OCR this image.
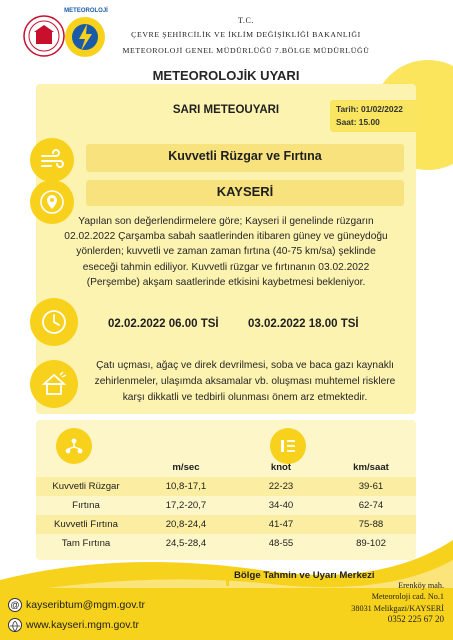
METEOROLOJİ
T.C.
ÇEVRE ŞEHİRCİLİK VE İKLİM DEĞİŞİKLİĞİ BAKANLIĞI
METEOROLOJİ GENEL MÜDÜRLÜĞÜ 7.BÖLGE MÜDÜRLÜĞÜ
METEOROLOJİK UYARI
SARI METEOUYARI	Tarih: 01/02/2022
Saat: 15.00
Kuvvetli Rüzgar ve Fırtına
KAYSERİ
Yapılan son değerlendirmelere göre; Kayseri il genelinde rüzgarın
02.02.2022 Çarşamba sabah saatlerinden itibaren güney ve güneydoğu
yönlerden; kuvvetli ve zaman zaman fırtına (40-75 km/sa) şeklinde
eseceği tahmin ediliyor. Kuvvetli rüzgar ve fırtınanın 03.02.2022
(Perşembe) akşam saatlerinde etkisini kaybetmesi bekleniyor.
02.02.2022 06.00 TSİ	03.02.2022 18.00 TSİ
Çatı uçması, ağaç ve direk devrilmesi, soba ve baca gazı kaynaklı
zehirlenmeler, ulaşımda aksamalar vb. oluşması muhtemel risklere
karşı dikkatli ve tedbirli olunması önem arz etmektedir.
	m/sec	knot	km/saat
Kuvvetli Rüzgar	10,8-17,1	22-23	39-61
Fırtına	17,2-20,7	34-40	62-74
Kuvvetli Fırtına	20,8-24,4	41-47	75-88
Tam Fırtına	24,5-28,4	48-55	89-102
Bölge Tahmin ve Uyarı Merkezi
@ kayseribtum@mgm.gov.tr
www.kayseri.mgm.gov.tr
Erenköy mah.
Meteoroloji cad. No.1
38031 Melikgazi/KAYSERİ
0352 225 67 20
